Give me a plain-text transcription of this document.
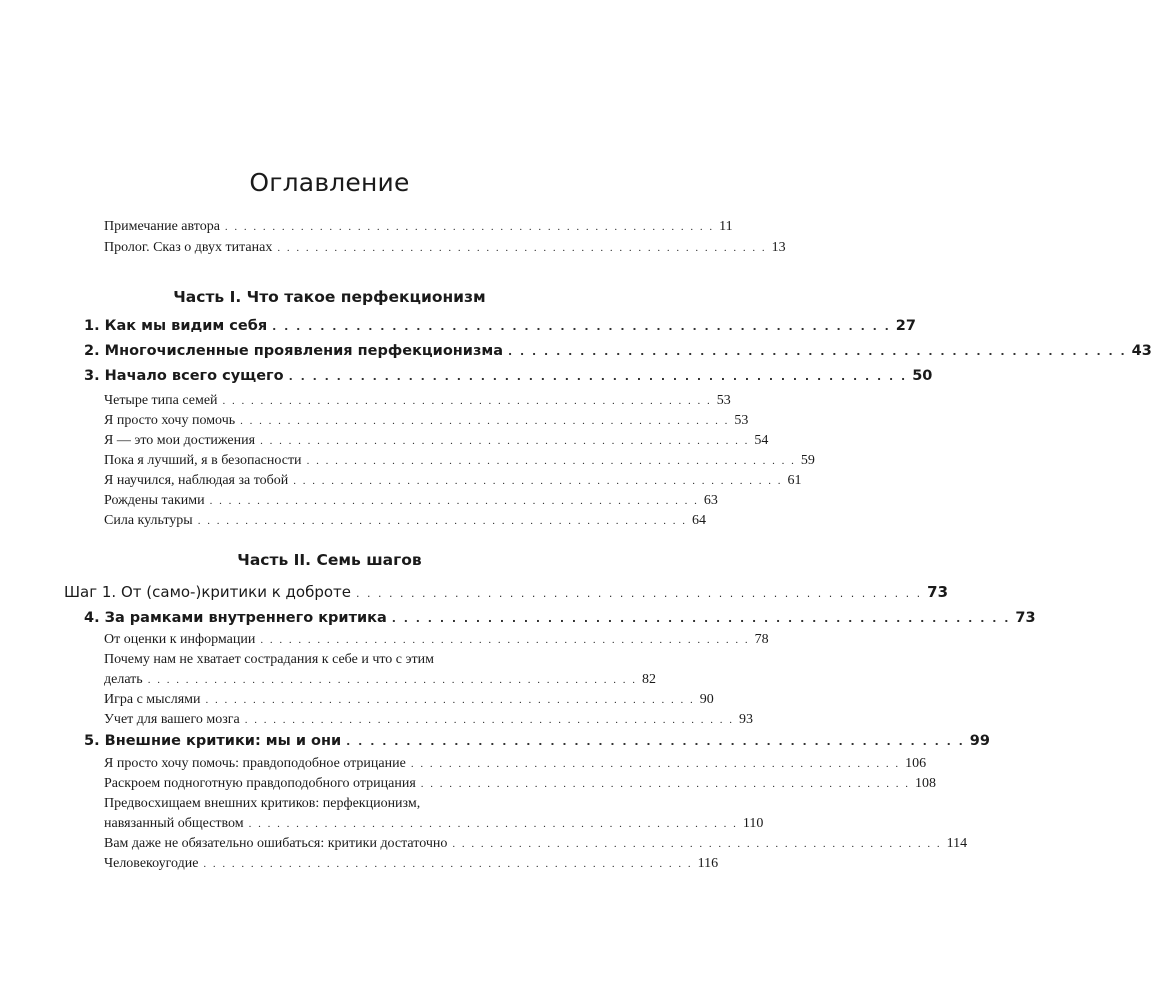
Оглавление
Примечание автора . . . . . . . . . . . . . . . . . . . . . . . . . . . . . . . . . . . . . . . . . . . . . . . . . . . . 11
Пролог. Сказ о двух титанах . . . . . . . . . . . . . . . . . . . . . . . . . . . . . . . . . . . . . . . . . . . . . . . . . . . . 13
Часть I. Что такое перфекционизм
1. Как мы видим себя . . . . . . . . . . . . . . . . . . . . . . . . . . . . . . . . . . . . . . . . . . . . . . . . . . . . 27
2. Многочисленные проявления перфекционизма . . . . . . . . . . . . . . . . . . . . . . . . . . . . . . . . . . . . . . . . . . . . . . . . . . . . 43
3. Начало всего сущего . . . . . . . . . . . . . . . . . . . . . . . . . . . . . . . . . . . . . . . . . . . . . . . . . . . . 50
Четыре типа семей . . . . . . . . . . . . . . . . . . . . . . . . . . . . . . . . . . . . . . . . . . . . . . . . . . . . 53
Я просто хочу помочь . . . . . . . . . . . . . . . . . . . . . . . . . . . . . . . . . . . . . . . . . . . . . . . . . . . . 53
Я — это мои достижения . . . . . . . . . . . . . . . . . . . . . . . . . . . . . . . . . . . . . . . . . . . . . . . . . . . . 54
Пока я лучший, я в безопасности . . . . . . . . . . . . . . . . . . . . . . . . . . . . . . . . . . . . . . . . . . . . . . . . . . . . 59
Я научился, наблюдая за тобой . . . . . . . . . . . . . . . . . . . . . . . . . . . . . . . . . . . . . . . . . . . . . . . . . . . . 61
Рождены такими . . . . . . . . . . . . . . . . . . . . . . . . . . . . . . . . . . . . . . . . . . . . . . . . . . . . 63
Сила культуры . . . . . . . . . . . . . . . . . . . . . . . . . . . . . . . . . . . . . . . . . . . . . . . . . . . . 64
Часть II. Семь шагов
Шаг 1. От (само-)критики к доброте . . . . . . . . . . . . . . . . . . . . . . . . . . . . . . . . . . . . . . . . . . . . . . . . . . . . 73
4. За рамками внутреннего критика . . . . . . . . . . . . . . . . . . . . . . . . . . . . . . . . . . . . . . . . . . . . . . . . . . . . 73
От оценки к информации . . . . . . . . . . . . . . . . . . . . . . . . . . . . . . . . . . . . . . . . . . . . . . . . . . . . 78
Почему нам не хватает сострадания к себе и что с этим
делать . . . . . . . . . . . . . . . . . . . . . . . . . . . . . . . . . . . . . . . . . . . . . . . . . . . . 82
Игра с мыслями . . . . . . . . . . . . . . . . . . . . . . . . . . . . . . . . . . . . . . . . . . . . . . . . . . . . 90
Учет для вашего мозга . . . . . . . . . . . . . . . . . . . . . . . . . . . . . . . . . . . . . . . . . . . . . . . . . . . . 93
5. Внешние критики: мы и они . . . . . . . . . . . . . . . . . . . . . . . . . . . . . . . . . . . . . . . . . . . . . . . . . . . . 99
Я просто хочу помочь: правдоподобное отрицание . . . . . . . . . . . . . . . . . . . . . . . . . . . . . . . . . . . . . . . . . . . . . . . . . . . . 106
Раскроем подноготную правдоподобного отрицания . . . . . . . . . . . . . . . . . . . . . . . . . . . . . . . . . . . . . . . . . . . . . . . . . . . . 108
Предвосхищаем внешних критиков: перфекционизм,
навязанный обществом . . . . . . . . . . . . . . . . . . . . . . . . . . . . . . . . . . . . . . . . . . . . . . . . . . . . 110
Вам даже не обязательно ошибаться: критики достаточно . . . . . . . . . . . . . . . . . . . . . . . . . . . . . . . . . . . . . . . . . . . . . . . . . . . . 114
Человекоугодие . . . . . . . . . . . . . . . . . . . . . . . . . . . . . . . . . . . . . . . . . . . . . . . . . . . . 116
